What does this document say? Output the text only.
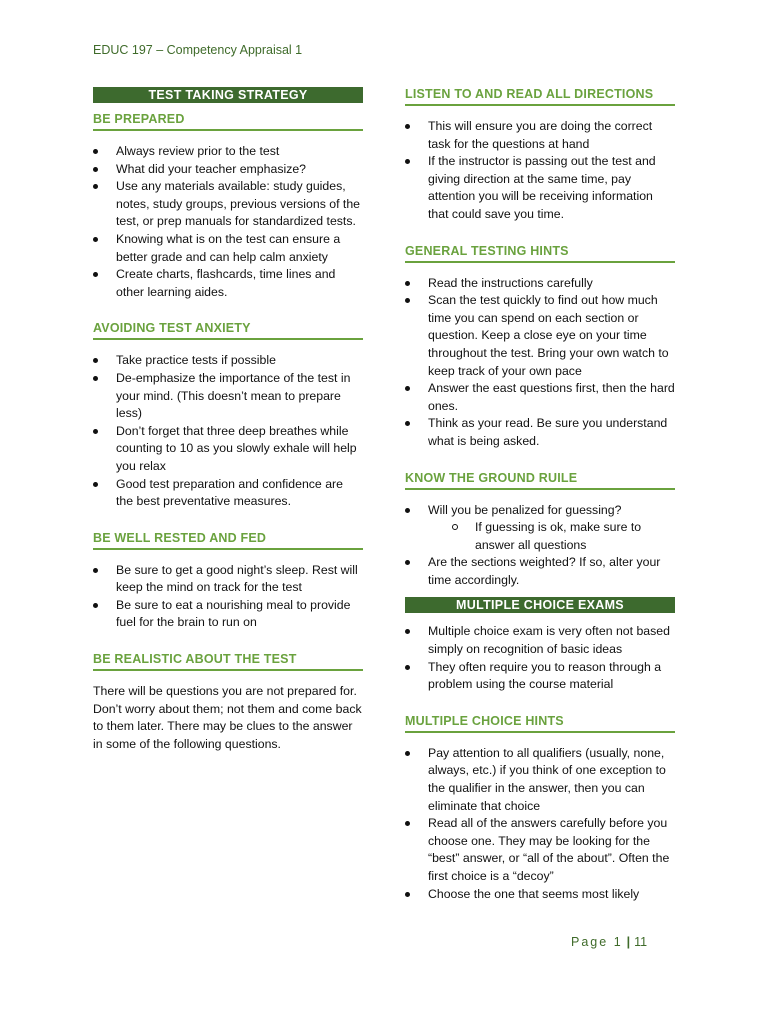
EDUC 197 – Competency Appraisal 1
TEST TAKING STRATEGY
BE PREPARED
Always review prior to the test
What did your teacher emphasize?
Use any materials available: study guides, notes, study groups, previous versions of the test, or prep manuals for standardized tests.
Knowing what is on the test can ensure a better grade and can help calm anxiety
Create charts, flashcards, time lines and other learning aides.
AVOIDING TEST ANXIETY
Take practice tests if possible
De-emphasize the importance of the test in your mind. (This doesn’t mean to prepare less)
Don’t forget that three deep breathes while counting to 10 as you slowly exhale will help you relax
Good test preparation and confidence are the best preventative measures.
BE WELL RESTED AND FED
Be sure to get a good night’s sleep. Rest will keep the mind on track for the test
Be sure to eat a nourishing meal to provide fuel for the brain to run on
BE REALISTIC ABOUT THE TEST

There will be questions you are not prepared for. Don’t worry about them; not them and come back to them later. There may be clues to the answer in some of the following questions.

LISTEN TO AND READ ALL DIRECTIONS
This will ensure you are doing the correct task for the questions at hand
If the instructor is passing out the test and giving direction at the same time, pay attention you will be receiving information that could save you time.
GENERAL TESTING HINTS
Read the instructions carefully
Scan the test quickly to find out how much time you can spend on each section or question. Keep a close eye on your time throughout the test. Bring your own watch to keep track of your own pace
Answer the east questions first, then the hard ones.
Think as your read. Be sure you understand what is being asked.
KNOW THE GROUND RUILE
Will you be penalized for guessing?
If guessing is ok, make sure to answer all questions
Are the sections weighted? If so, alter your time accordingly.
MULTIPLE CHOICE EXAMS
Multiple choice exam is very often not based simply on recognition of basic ideas
They often require you to reason through a problem using the course material
MULTIPLE CHOICE HINTS
Pay attention to all qualifiers (usually, none, always, etc.) if you think of one exception to the qualifier in the answer, then you can eliminate that choice
Read all of the answers carefully before you choose one. They may be looking for the “best” answer, or “all of the about”. Often the first choice is a “decoy”
Choose the one that seems most likely
Page 1 | 11
